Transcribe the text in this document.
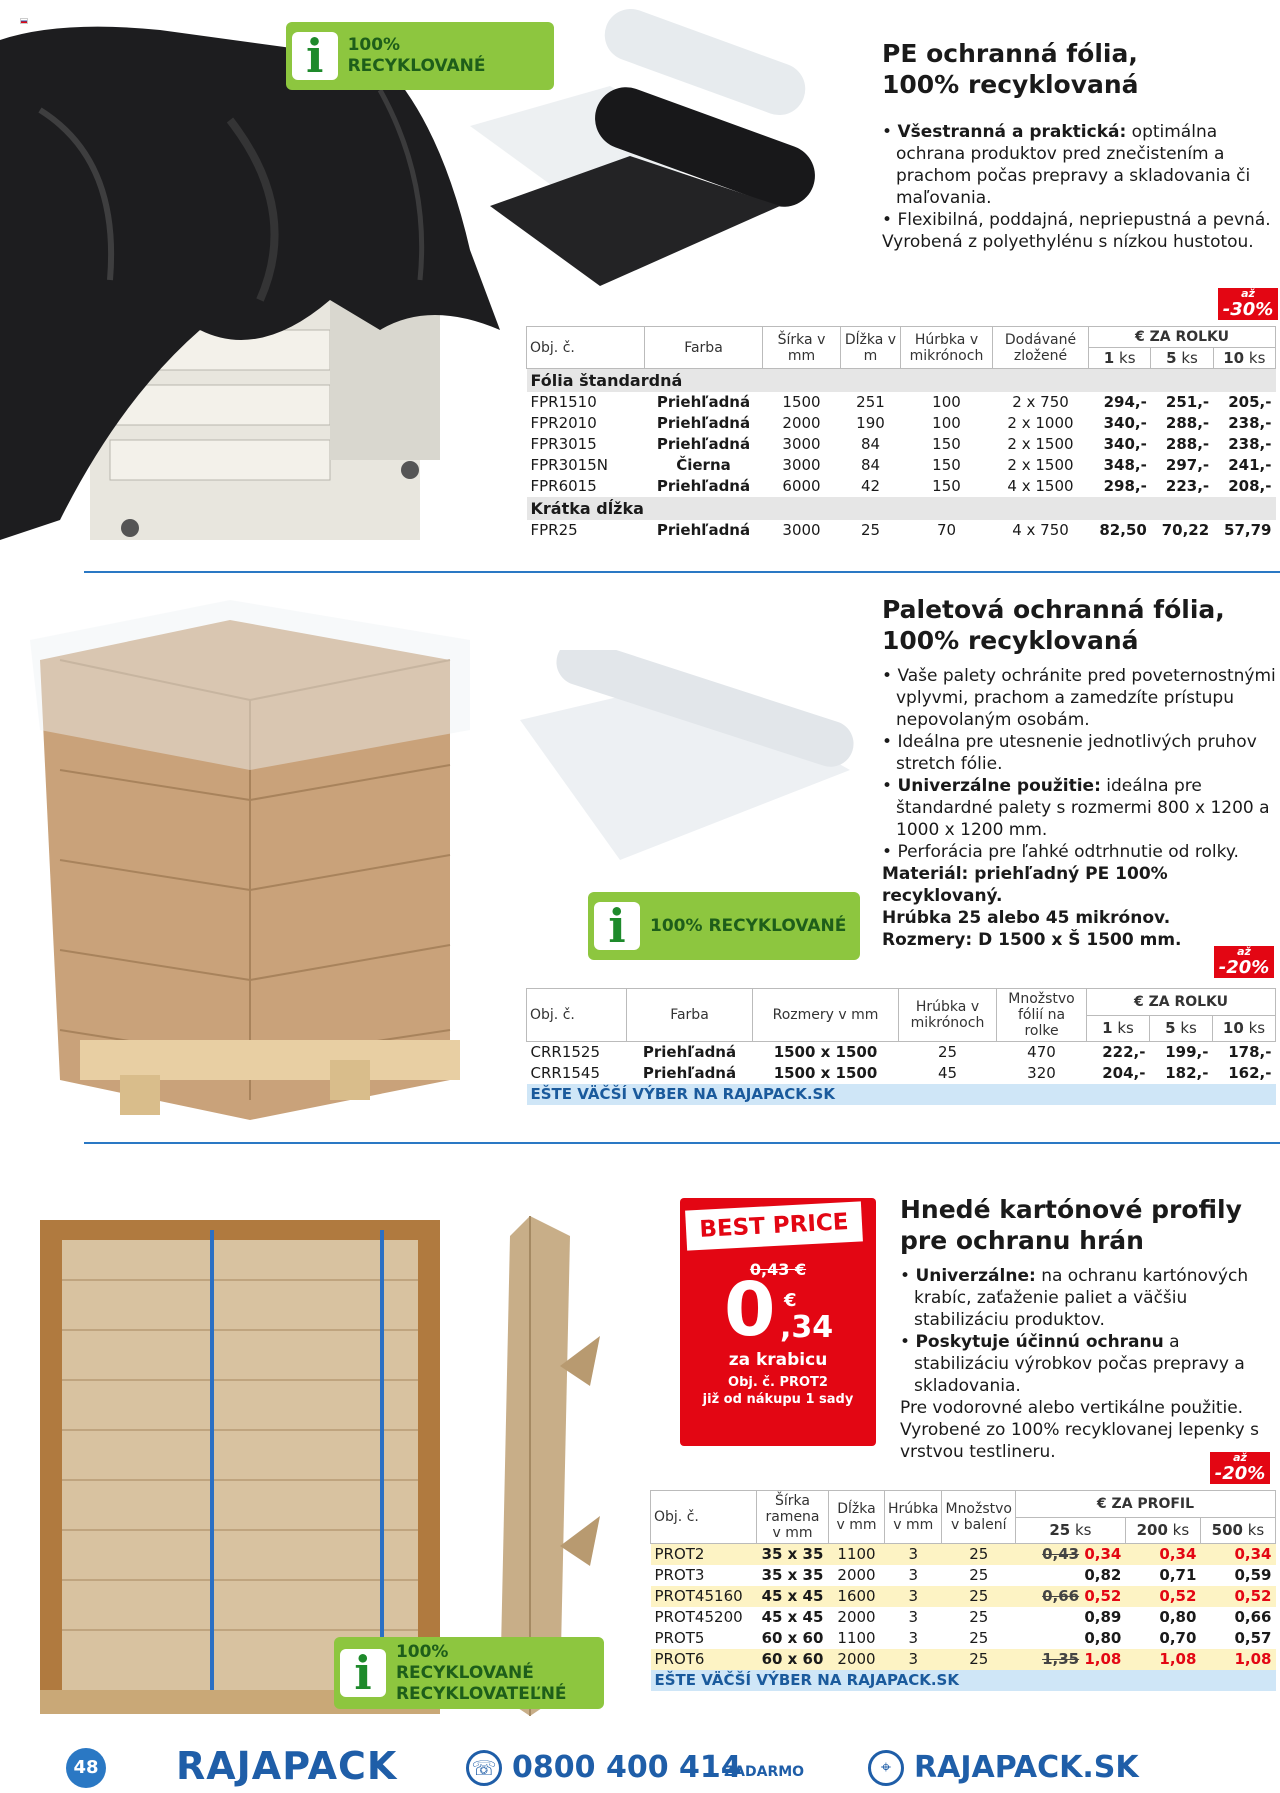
i	100% RECYKLOVANÉ	PE ochranná fólia,
100% recyklovaná
• Všestranná a praktická: optimálna ochrana produktov pred znečistením a prachom počas prepravy a skladovania či maľovania.
• Flexibilná, poddajná, nepriepustná a pevná.
Vyrobená z polyethylénu s nízkou hustotou.
až
-30%
Obj. č.	Farba	Šírka v mm	Dĺžka v m	Húrbka v mikrónoch	Dodávané zložené	€ ZA ROLKU		
						1 ks	5 ks	10 ks
Fólia štandardná								
FPR1510	Priehľadná	1500	251	100	2 x 750	294,-	251,-	205,-
FPR2010	Priehľadná	2000	190	100	2 x 1000	340,-	288,-	238,-
FPR3015	Priehľadná	3000	84	150	2 x 1500	340,-	288,-	238,-
FPR3015N	Čierna	3000	84	150	2 x 1500	348,-	297,-	241,-
FPR6015	Priehľadná	6000	42	150	4 x 1500	298,-	223,-	208,-
Krátka dĺžka								
FPR25	Priehľadná	3000	25	70	4 x 750	82,50	70,22	57,79
i	100% RECYKLOVANÉ
Paletová ochranná fólia,
100% recyklovaná
• Vaše palety ochránite pred poveternostnými vplyvmi, prachom a zamedzíte prístupu nepovolaným osobám.
• Ideálna pre utesnenie jednotlivých pruhov stretch fólie.
• Univerzálne použitie: ideálna pre štandardné palety s rozmermi 800 x 1200 a 1000 x 1200 mm.
• Perforácia pre ľahké odtrhnutie od rolky.
Materiál: priehľadný PE 100% recyklovaný.
Hrúbka 25 alebo 45 mikrónov.
Rozmery: D 1500 x Š 1500 mm.
až
-20%
Obj. č.	Farba	Rozmery v mm	Hrúbka v mikrónoch	Množstvo fólií na rolke	€ ZA ROLKU		
					1 ks	5 ks	10 ks
CRR1525	Priehľadná	1500 x 1500	25	470	222,-	199,-	178,-
CRR1545	Priehľadná	1500 x 1500	45	320	204,-	182,-	162,-
EŠTE VÄČŠÍ VÝBER NA RAJAPACK.SK							
BEST PRICE
0,43 €
0 €
,34
za krabicu
Obj. č. PROT2
již od nákupu 1 sady
i	100% RECYKLOVANÉ
RECYKLOVATEĽNÉ
Hnedé kartónové profily
pre ochranu hrán
• Univerzálne: na ochranu kartónových krabíc, zaťaženie paliet a väčšiu stabilizáciu produktov.
• Poskytuje účinnú ochranu a stabilizáciu výrobkov počas prepravy a skladovania.
Pre vodorovné alebo vertikálne použitie.
Vyrobené zo 100% recyklovanej lepenky s vrstvou testlineru.	až
-20%
Obj. č.	Šírka ramena v mm	Dĺžka v mm	Hrúbka v mm	Množstvo v balení	€ ZA PROFIL		
					25 ks	200 ks	500 ks
PROT2	35 x 35	1100	3	25	0,43 0,34	0,34	0,34
PROT3	35 x 35	2000	3	25	0,82	0,71	0,59
PROT45160	45 x 45	1600	3	25	0,66 0,52	0,52	0,52
PROT45200	45 x 45	2000	3	25	0,89	0,80	0,66
PROT5	60 x 60	1100	3	25	0,80	0,70	0,57
PROT6	60 x 60	2000	3	25	1,35 1,08	1,08	1,08
EŠTE VÄČŠÍ VÝBER NA RAJAPACK.SK							
48 RAJAPACK	☏ 0800 400 414
ZADARMO	⌖ RAJAPACK.SK
